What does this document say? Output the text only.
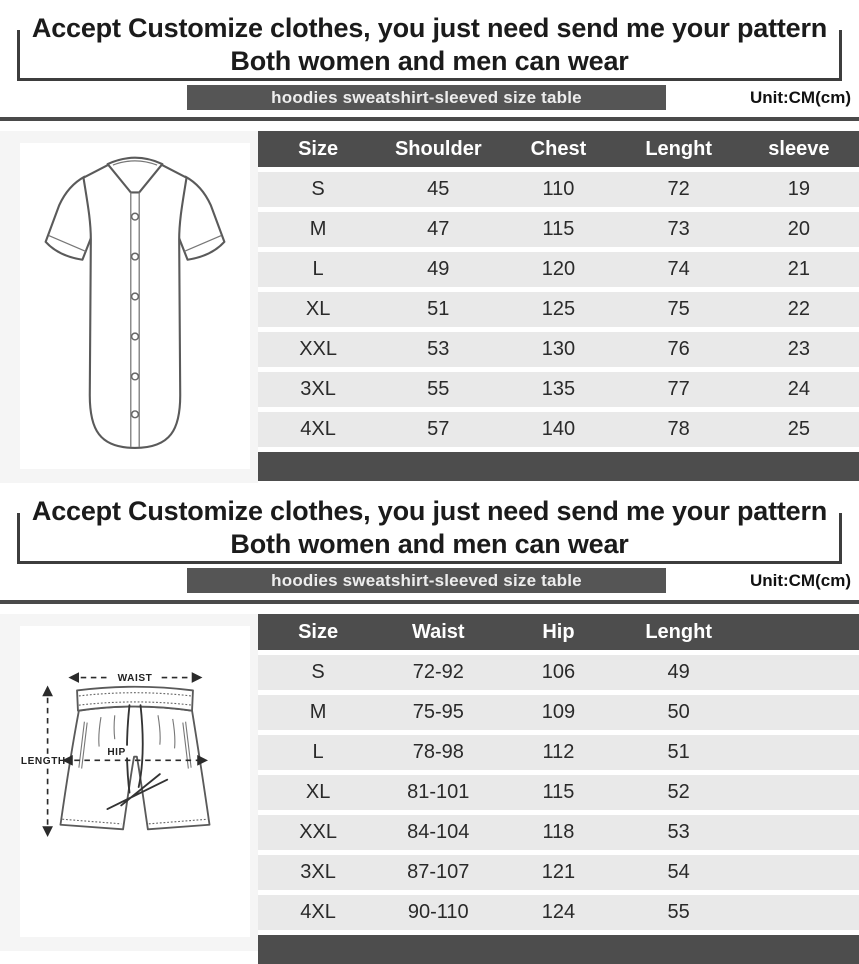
Accept Customize clothes, you just need send me your pattern
Both women and men can wear
hoodies sweatshirt-sleeved size table	Unit:CM(cm)
Size	Shoulder	Chest	Lenght	sleeve
S	45	110	72	19
M	47	115	73	20
L	49	120	74	21
XL	51	125	75	22
XXL	53	130	76	23
3XL	55	135	77	24
4XL	57	140	78	25
Accept Customize clothes, you just need send me your pattern
Both women and men can wear
hoodies sweatshirt-sleeved size table	Unit:CM(cm)
WAIST
LENGTH
HIP
Size	Waist	Hip	Lenght	
S	72-92	106	49	
M	75-95	109	50	
L	78-98	112	51	
XL	81-101	115	52	
XXL	84-104	118	53	
3XL	87-107	121	54	
4XL	90-110	124	55	
